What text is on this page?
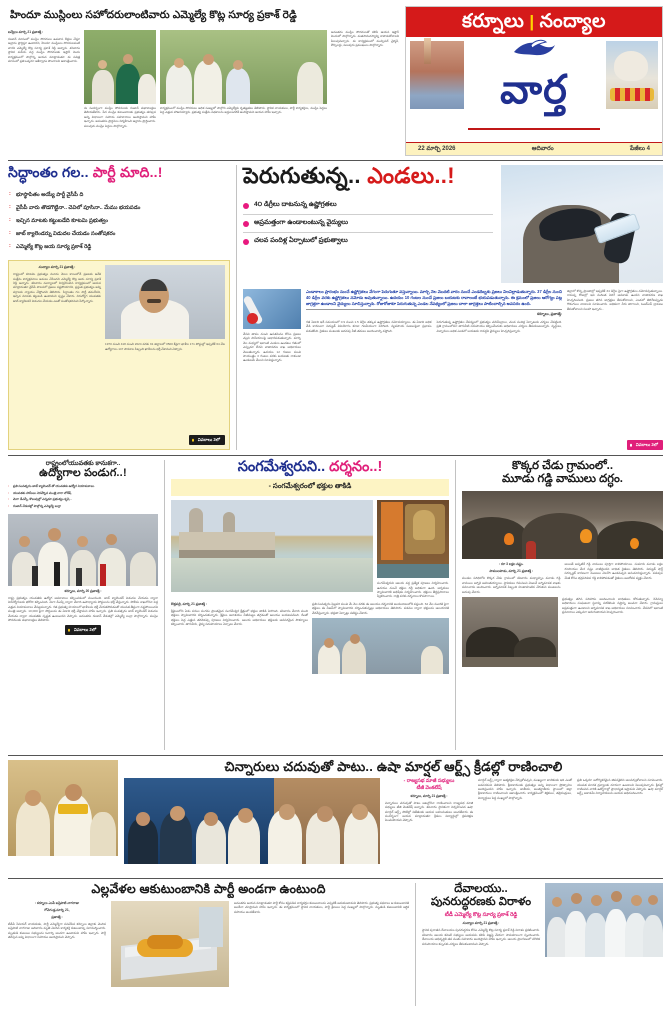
హిందూ ముస్లింలు సహోదరులాంటివారు ఎమ్మెల్యే కొట్ల సూర్య ప్రకాశ్ రెడ్డి
బద్వేలు మార్చి 21 ప్రజాశక్తి :
రంజాన్ మాసంలో ముస్లిం సోదరులు ఉపవాస దీక్షలు చేస్తూ అల్లాను ప్రార్థిస్తూ ఉంటారని, హిందూ ముస్లింలు సోదరులవంటి వారని ఎమ్మెల్యే కొట్ల సూర్య ప్రకాశ్ రెడ్డి అన్నారు. శనివారం స్థానిక మసీదు వద్ద ముస్లిం సోదరులకు ఇఫ్తార్ విందు కార్యక్రమంలో పాల్గొన్న ఆయన మాట్లాడుతూ ఈ పవిత్ర మాసంలో ప్రతి ఒక్కరూ ఆశీర్వాదం పొందాలని ఆకాంక్షించారు.
ఈ సందర్భంగా ముస్లిం సోదరులకు రంజాన్ శుభాకాంక్షలు తెలియజేశారు. పేద ముస్లిం కుటుంబాలకు ప్రభుత్వం తరఫున అన్ని విధాలుగా సహాయ సహకారాలు అందిస్తామని హామీ ఇచ్చారు. అనంతరం ప్రార్థనలు నిర్వహించి అల్లాను ప్రార్థించారు. పలువురు ముస్లిం పెద్దలు పాల్గొన్నారు.
కార్యక్రమంలో ముస్లిం సోదరులు అధిక సంఖ్యలో పాల్గొని ఎమ్మెల్యేకు కృతజ్ఞతలు తెలిపారు. స్థానిక నాయకులు, పార్టీ కార్యకర్తలు, ముస్లిం పెద్దలు పెద్ద ఎత్తున హాజరయ్యారు. ప్రభుత్వ సంక్షేమ పథకాలను అర్హులందరికీ అందిస్తామని ఆయన హామీ ఇచ్చారు.
అనంతరం ముస్లిం సోదరులతో కలిసి ఆయన ఇఫ్తార్ విందులో పాల్గొన్నారు. మతసామరస్యాన్ని కాపాడుకోవాలని పిలుపునిచ్చారు. ఈ కార్యక్రమంలో మున్సిపల్ చైర్మన్, కౌన్సిలర్లు, పలువురు ప్రముఖులు పాల్గొన్నారు.
కర్నూలు | నంద్యాల
వార్త
22 మార్చి 2026	ఆదివారం	పేజీలు 4
సిద్ధాంతం గల.. పార్టీ మాది..!
: భూస్థాపితం అయ్యే పార్టీ వైసీపీ ది
: వైసీపీ వారు తొడగొట్టినా.. చెవిలో పూసినా.. మేము భయపడం
: ఇచ్చిన మాటకు కట్టుబడేది కూటమి ప్రభుత్వం
: జాబ్ క్యాలెండర్ను విడుదల చేయడం సంతోషకరం
: ఎమ్మెల్యే కొట్ల జయ సూర్య ప్రకాశ్ రెడ్డి
నంద్యాల మార్చి 21 ప్రజాశక్తి :
రాష్ట్రంలో కూటమి ప్రభుత్వం మూడు నెలల కాలంలోనే ప్రజలకు అనేక సంక్షేమ కార్యక్రమాలు అమలు చేసిందని ఎమ్మెల్యే కొట్ల జయ సూర్య ప్రకాశ్ రెడ్డి అన్నారు. శనివారం నంద్యాలలో నిర్వహించిన కార్యక్రమంలో ఆయన మాట్లాడుతూ వైసీపీ పాలనలో ప్రజలు నష్టపోయారని, ప్రస్తుత ప్రభుత్వం అన్ని వర్గాలకు న్యాయం చేస్తోందని తెలిపారు. సిద్ధాంతం గల పార్టీ తమదేనని, ఇచ్చిన మాటకు కట్టుబడి ఉంటామని స్పష్టం చేశారు. నిరుద్యోగ యువతకు జాబ్ క్యాలెండర్ విడుదల చేయడం ఎంతో సంతోషకరమని పేర్కొన్నారు.
1970 నుంచి 418 నుంచి 2024 వరకు 91 జిల్లాలలో 3500 కిపైగా ఖాళీల 171 పోస్టుల్లో ఇప్పటికే 64 వేల ఉద్యోగాలు 147 పాఠశాల సిబ్బంది ఖాళీలను భర్తీ చేశామని చెప్పారు.
వివరాలు 2లో
పెరుగుతున్న.. ఎండలు..!
4౦ డిగ్రీలు దాటనున్న ఉష్ణోగ్రతలు
అప్రమత్తంగా ఉండాలంటున్న వైద్యులు
చలవ పందిళ్ల ఏర్పాటులో ప్రభుత్వాలు
వేసవి తాపం నుంచి ఉపశమనం కోసం ప్రజలు చల్లని పానీయాలపై ఆధారపడుతున్నారు. మార్చి నెల మధ్యలో ఇలాంటి ఎండలు ఉండటం గతంలో ఎప్పుడూ లేదని వాతావరణ శాఖ అధికారులు చెబుతున్నారు. ఉదయం 12 గంటల నుంచి సాయంత్రం 3 గంటల వరకు బయటకు రాకుండా ఉండటమే మేలని సూచిస్తున్నారు.
ఎండాకాలం ప్రారంభం నుంచే ఉష్ణోగ్రతలు వేగంగా పెరుగుతూ వస్తున్నాయి. మార్చి నెల మొదటి వారం నుంచే ఎండదెబ్బకు ప్రజలు విలవిల్లాడుతున్నారు. 37 డిగ్రీల నుంచి 40 డిగ్రీల వరకు ఉష్ణోగ్రతలు నమోదు అవుతున్నాయి. ఉదయం 10 గంటల నుంచే ప్రజలు బయటకు రావాలంటే భయపడుతున్నారు. ఈ క్రమంలో ప్రజలు ఆరోగ్యం పట్ల జాగ్రత్తగా ఉండాలని వైద్యులు సూచిస్తున్నారు. రోజురోజుకూ పెరుగుతున్న ఎండల నేపథ్యంలో ప్రజలు చాలా జాగ్రత్తలు పాటించాల్సిన అవసరం ఉంది.
కర్నూలు, ప్రజాశక్తి:
గత ఏడాది ఇదే సమయంలో 0.9 నుంచి 1.5 డిగ్రీల తక్కువ ఉష్ణోగ్రతలు నమోదయ్యాయి. ఈ ఏడాది అధిక వేడి కారణంగా విద్యుత్ వినియోగం కూడా గణనీయంగా పెరిగింది. వ్యవసాయ పంటలపైనా ప్రభావం పడుతోంది. రైతులు పంటలకు అదనపు నీటి తడులు అందించాల్సి వస్తోంది.
పెరుగుతున్న ఉష్ణోగ్రతల నేపథ్యంలో ప్రభుత్వం చలివేంద్రాలు, చలవ పందిళ్ల ఏర్పాటుకు చర్యలు చేపట్టింది. ప్రతి గ్రామంలోనూ తాగునీటి సదుపాయం కల్పించేందుకు అధికారులు చర్యలు తీసుకుంటున్నారు. వృద్ధులు, చిన్నారులు అధిక ఎండలో బయటకు రావద్దని వైద్యులు హెచ్చరిస్తున్నారు.
జిల్లాలో కొన్ని ప్రాంతాల్లో ఇప్పటికే 34 డిగ్రీల పైగా ఉష్ణోగ్రతలు నమోదవుతున్నాయి. రానున్న రోజుల్లో ఇవి మరింత పెరిగే అవకాశం ఉందని వాతావరణ శాఖ హెచ్చరించింది. ప్రజలు తగిన జాగ్రత్తలు తీసుకోవాలని, ఎండలో తిరిగేటప్పుడు గొడుగులు వాడాలని సూచించారు. అధికంగా నీరు తాగాలని, ఓఆర్ఎస్ ద్రావణం తీసుకోవాలని సలహా ఇచ్చారు...
వివరాలు 2లో
రాష్ట్రంలోయువతకు కానుకగా..
ఉద్యోగాల పండుగ..!
: ప్రతి సంవత్సరం జాబ్ క్యాలెండర్ తో యువతకు ఉద్యోగ నియామకాలు.
: యువతకు హామీలు నెరవేర్చిన మంత్రి నారా లోకేష్.
: మెగా డీఎస్సీ, కొలువుల్లో ఎన్నడూ ప్రభుత్వం కృషి ..
: రంజాన్ వేడుకల్లో పాల్గొన్న ఎమ్మెల్యే బుర్రా
కర్నూలు, మార్చి 20 ప్రజాశక్తి :
రాష్ట్ర ప్రభుత్వం యువతకు ఉద్యోగ అవకాశాలు కల్పించడంలో ముందుంది. జాబ్ క్యాలెండర్ విడుదల చేయడం ద్వారా నిరుద్యోగులకు భరోసా కల్పించింది. మెగా డీఎస్సీ ద్వారా వేలాది ఉపాధ్యాయ పోస్టులను భర్తీ చేస్తున్నారు. పోలీసు శాఖలోనూ పెద్ద ఎత్తున నియామకాలు చేపట్టనున్నారు. గత ప్రభుత్వ హయాంలో ఖాళీలను భర్తీ చేయకపోవడంతో యువత తీవ్రంగా నష్టపోయిందని మంత్రి అన్నారు. 10,000 పైగా పోస్టులను ఈ ఏడాది భర్తీ చేస్తామని హామీ ఇచ్చారు. ప్రతి సంవత్సరం జాబ్ క్యాలెండర్ విడుదల చేయడం ద్వారా యువతకు స్పష్టత ఉంటుందని చెప్పారు. అనంతరం రంజాన్ వేడుకల్లో ఎమ్మెల్యే బుర్రా పాల్గొన్నారు. ముస్లిం సోదరులకు శుభాకాంక్షలు తెలిపారు.
వివరాలు 2లో
సంగమేశ్వరుని.. దర్శనం..!
- సంగమేశ్వరంలో భక్తుల తాకిడి
సంగమేశ్వరుని ఆలయ వద్ద ప్రత్యేక పూజలు నిర్వహించారు. ఉదయం నుంచే భక్తుల రద్దీ అధికంగా ఉంది. అర్చకులు స్వామివారికి అభిషేకం నిర్వహించారు. భక్తులు తీర్థప్రసాదాలు స్వీకరించారు. రాత్రి వరకు దర్శనాలు కొనసాగాయి.
కొత్తపల్లి, మార్చి 21 ప్రజాశక్తి :
శ్రీశైలంలోని ఏడు నదుల సంగమ ప్రాంతమైన సంగమేశ్వర క్షేత్రంలో భక్తుల తాకిడి పెరిగింది. శనివారం వేలాది మంది భక్తులు స్వామివారిని దర్శించుకున్నారు. శ్రీశైలం జలాశయం నీటిమట్టం తగ్గడంతో ఆలయం బయటపడింది. దీంతో భక్తులు పెద్ద ఎత్తున తరలివచ్చి పూజలు నిర్వహించారు. ఆలయ అధికారులు భక్తులకు అవసరమైన సౌకర్యాలు కల్పించారు. తాగునీరు, వైద్య సదుపాయాలు ఏర్పాటు చేశారు.
ప్రతి సంవత్సరం ఫిబ్రవరి నుంచి మే నెల వరకు ఈ ఆలయం దర్శనానికి అందుబాటులోకి వస్తుంది. 64 వేల మందికి పైగా భక్తులు ఈ సీజన్‌లో స్వామివారిని దర్శించుకున్నట్లు అధికారులు తెలిపారు. పడవల ద్వారా భక్తులను ఆలయానికి చేరవేస్తున్నారు. భద్రతా ఏర్పాట్లు పటిష్టం చేశారు.
కొక్కర చేడు గ్రామంలో..
మూడు గడ్డి వాములు దగ్ధం.
: రూ 3 లక్షల నష్టం.
పాములపాడు, మార్చి 21 ప్రజాశక్తి :
మండల పరిధిలోని కొక్కర చేడు గ్రామంలో శనివారం మధ్యాహ్నం మూడు గడ్డి వాములు అగ్నికి ఆహుతయ్యాయి. స్థానికులు గమనించి వెంటనే అగ్నిమాపక శాఖకు సమాచారం అందించారు. అగ్నిమాపక సిబ్బంది హుటాహుటిన చేరుకుని మంటలను అదుపు చేశారు.
అయితే అప్పటికే గడ్డి వాములు పూర్తిగా కాలిపోయాయి. సుమారు మూడు లక్షల రూపాయల మేర నష్టం వాటిల్లిందని బాధిత రైతులు తెలిపారు. విద్యుత్ షార్ట్ సర్క్యూట్ కారణంగా మంటలు చెలరేగి ఉండవచ్చని అనుమానిస్తున్నారు. పశువుల మేత కోసం భద్రపరిచిన గడ్డి కాలిపోవడంతో రైతులు ఆందోళన వ్యక్తం చేశారు.
ప్రభుత్వం తగిన పరిహారం అందించాలని బాధితులు కోరుతున్నారు. రెవెన్యూ అధికారులు సంఘటనా స్థలాన్ని పరిశీలించి నష్టాన్ని అంచనా వేశారు. గ్రామస్తులు అప్రమత్తంగా ఉండాలని అగ్నిమాపక శాఖ అధికారులు సూచించారు. వేసవిలో ఇలాంటి ప్రమాదాలు ఎక్కువగా జరుగుతాయని హెచ్చరించారు.
చిన్నారులు చదువుతో పాటు.. ఉషా మార్షల్ ఆర్ట్స్ క్రీడల్లో రాణించాలి
- రాజ్యసభ మాజీ సభ్యులు
టీజీ వెంకటేష్
కర్నూలు, మార్చి 21 ప్రజాశక్తి :
చిన్నారులు చదువుతో పాటు ఆటల్లోనూ రాణించాలని రాజ్యసభ మాజీ సభ్యులు టీజీ వెంకటేష్ అన్నారు. శనివారం స్థానికంగా నిర్వహించిన ఉషా మార్షల్ ఆర్ట్స్ పోటీల్లో విజేతలకు ఆయన బహుమతులు అందజేశారు. ఈ సందర్భంగా ఆయన మాట్లాడుతూ క్రీడలు విద్యార్థుల్లో క్రమశిక్షణ పెంచుతాయని చెప్పారు.
మార్షల్ ఆర్ట్స్ ద్వారా ఆత్మరక్షణ నేర్చుకోవచ్చని, ముఖ్యంగా బాలికలకు ఇది ఎంతో అవసరమని తెలిపారు. క్రీడాకారులకు ప్రభుత్వం అన్ని విధాలుగా ప్రోత్సాహం అందిస్తుందని హామీ ఇచ్చారు. జాతీయ, అంతర్జాతీయ స్థాయిలో జిల్లా క్రీడాకారులు రాణించాలని ఆకాంక్షించారు. కార్యక్రమంలో శిక్షకులు, తల్లిదండ్రులు, విద్యార్థులు పెద్ద సంఖ్యలో పాల్గొన్నారు.
ప్రతి ఒక్కరూ ఆరోగ్యకరమైన జీవనశైలిని అలవర్చుకోవాలని సూచించారు. యువత మాదక ద్రవ్యాలకు దూరంగా ఉండాలని పిలుపునిచ్చారు. క్రీడల్లో రాణించిన వారికి ఉద్యోగాల్లో ప్రాధాన్యత ఇస్తామని చెప్పారు. ఉషా మార్షల్ ఆర్ట్స్ అకాడమీ నిర్వాహకులను ఆయన అభినందించారు.
ఎల్లవేళల ఆకుటుంబానికి పార్టీ అండగా ఉంటుంది
: కర్నూలు ఎంపీ బస్తిపాటి నాగరాజు
గోనెగండ్ల,మార్చి 21,
ప్రజాశక్తి :
టీడీపీ సీనియర్ నాయకుడు, పార్టీ ఎమ్మెల్యేగా పనిచేసిన కర్నూలు జిల్లాకు చెందిన బస్తిపాటి నాగరాజు ఆదివారం మృతి చెందిన కార్యకర్త కుటుంబాన్ని పరామర్శించారు. మృతుడి కుటుంబ సభ్యులను ఓదార్చి అండగా ఉంటామని హామీ ఇచ్చారు. పార్టీ తరఫున అన్ని విధాలుగా సహాయం అందిస్తామని చెప్పారు.
అనంతరం ఆయన మాట్లాడుతూ పార్టీ కోసం కష్టపడిన కార్యకర్తల కుటుంబాలను ఎప్పటికీ ఆదుకుంటామని తెలిపారు. ప్రభుత్వ పథకాలు ఆ కుటుంబానికి అందేలా చూస్తామని హామీ ఇచ్చారు. ఈ కార్యక్రమంలో స్థానిక నాయకులు, పార్టీ శ్రేణులు పెద్ద సంఖ్యలో పాల్గొన్నారు. మృతుడి కుటుంబానికి ఆర్థిక సహాయం అందజేశారు.
దేవాలయు..
పునరుద్ధరణకు విరాళం
టీడీ ఎమ్మెల్యే కొట్ల సూర్య ప్రకాశ్ రెడ్డి
నంద్యాల మార్చి 21 ప్రజాశక్తి :
స్థానిక పురాతన దేవాలయం పునరుద్ధరణ కోసం ఎమ్మెల్యే కొట్ల సూర్య ప్రకాశ్ రెడ్డి విరాళం ప్రకటించారు. శనివారం ఆలయ కమిటీ సభ్యులు ఆయనను కలిసి విజ్ఞప్తి చేయగా సానుకూలంగా స్పందించారు. దేవాలయ అభివృద్ధికి తన వంతు సహకారం అందిస్తానని హామీ ఇచ్చారు. ఆలయ ప్రాంగణంలో మౌలిక సదుపాయాల కల్పనకు చర్యలు తీసుకుంటామని చెప్పారు.
